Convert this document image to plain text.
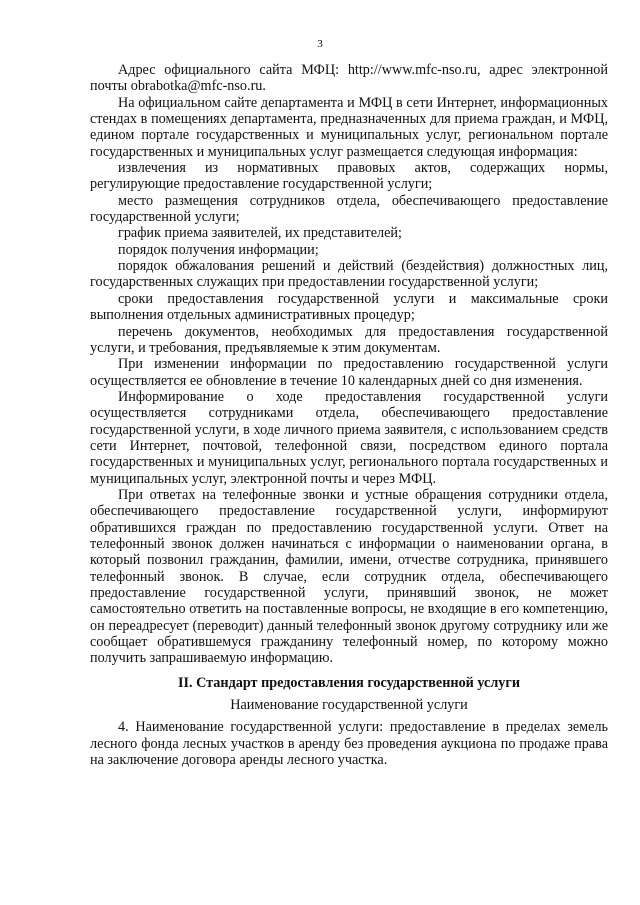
3

Адрес официального сайта МФЦ: http://www.mfc-nso.ru, адрес электронной почты obrabotka@mfc-nso.ru.

На официальном сайте департамента и МФЦ в сети Интернет, информационных стендах в помещениях департамента, предназначенных для приема граждан, и МФЦ, едином портале государственных и муниципальных услуг, региональном портале государственных и муниципальных услуг размещается следующая информация:

извлечения из нормативных правовых актов, содержащих нормы, регулирующие предоставление государственной услуги;

место размещения сотрудников отдела, обеспечивающего предоставление государственной услуги;

график приема заявителей, их представителей;

порядок получения информации;

порядок обжалования решений и действий (бездействия) должностных лиц, государственных служащих при предоставлении государственной услуги;

сроки предоставления государственной услуги и максимальные сроки выполнения отдельных административных процедур;

перечень документов, необходимых для предоставления государственной услуги, и требования, предъявляемые к этим документам.

При изменении информации по предоставлению государственной услуги осуществляется ее обновление в течение 10 календарных дней со дня изменения.

Информирование о ходе предоставления государственной услуги осуществляется сотрудниками отдела, обеспечивающего предоставление государственной услуги, в ходе личного приема заявителя, с использованием средств сети Интернет, почтовой, телефонной связи, посредством единого портала государственных и муниципальных услуг, регионального портала государственных и муниципальных услуг, электронной почты и через МФЦ.

При ответах на телефонные звонки и устные обращения сотрудники отдела, обеспечивающего предоставление государственной услуги, информируют обратившихся граждан по предоставлению государственной услуги. Ответ на телефонный звонок должен начинаться с информации о наименовании органа, в который позвонил гражданин, фамилии, имени, отчестве сотрудника, принявшего телефонный звонок. В случае, если сотрудник отдела, обеспечивающего предоставление государственной услуги, принявший звонок, не может самостоятельно ответить на поставленные вопросы, не входящие в его компетенцию, он переадресует (переводит) данный телефонный звонок другому сотруднику или же сообщает обратившемуся гражданину телефонный номер, по которому можно получить запрашиваемую информацию.

II. Стандарт предоставления государственной услуги

Наименование государственной услуги

4. Наименование государственной услуги: предоставление в пределах земель лесного фонда лесных участков в аренду без проведения аукциона по продаже права на заключение договора аренды лесного участка.
